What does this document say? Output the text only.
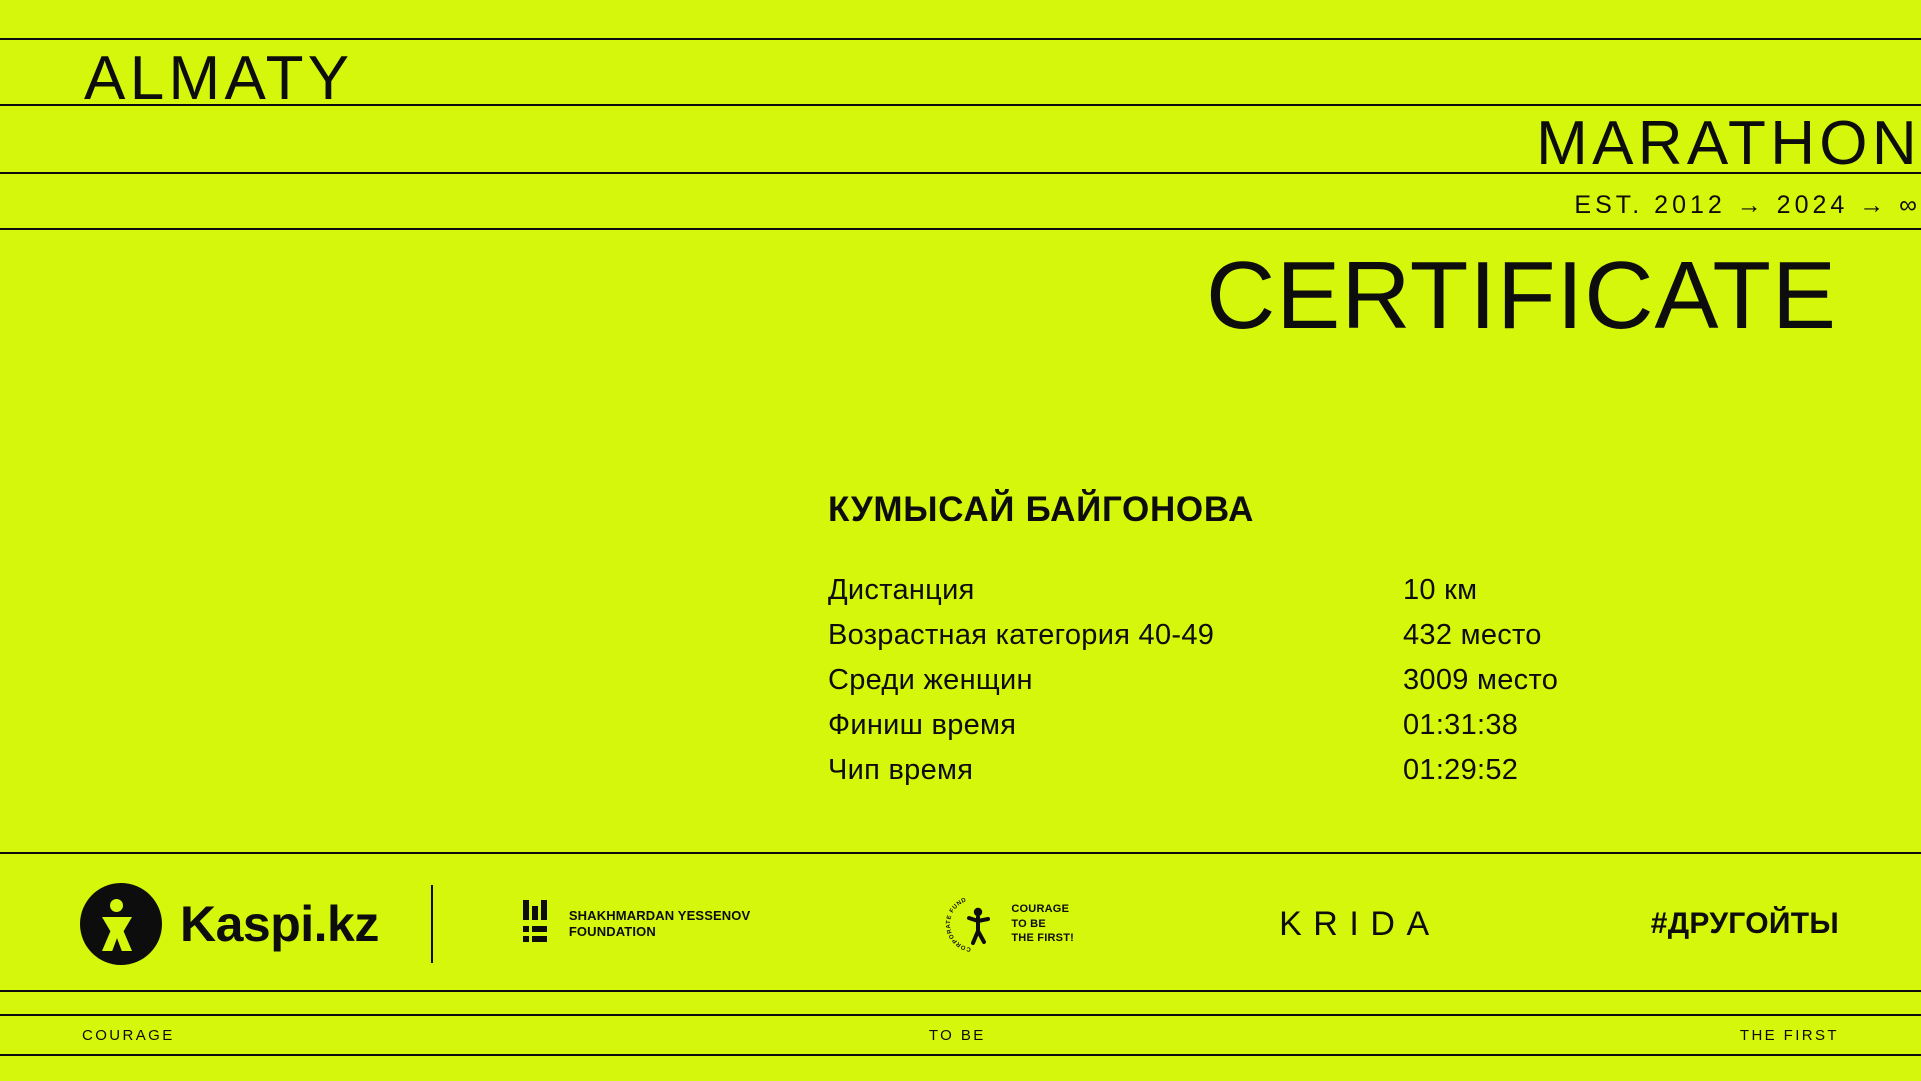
ALMATY
MARATHON
EST. 2012 → 2024 → ∞
CERTIFICATE
КУМЫСАЙ БАЙГОНОВА
Дистанция	10 км
Возрастная категория 40-49	432 место
Среди женщин	3009 место
Финиш время	01:31:38
Чип время	01:29:52
Kaspi.kz	SHAKHMARDAN YESSENOV
FOUNDATION
CORPORATE FUND
COURAGE
TO BE
THE FIRST!	KRIDA	#ДРУГОЙТЫ
COURAGE	TO BE	THE FIRST
